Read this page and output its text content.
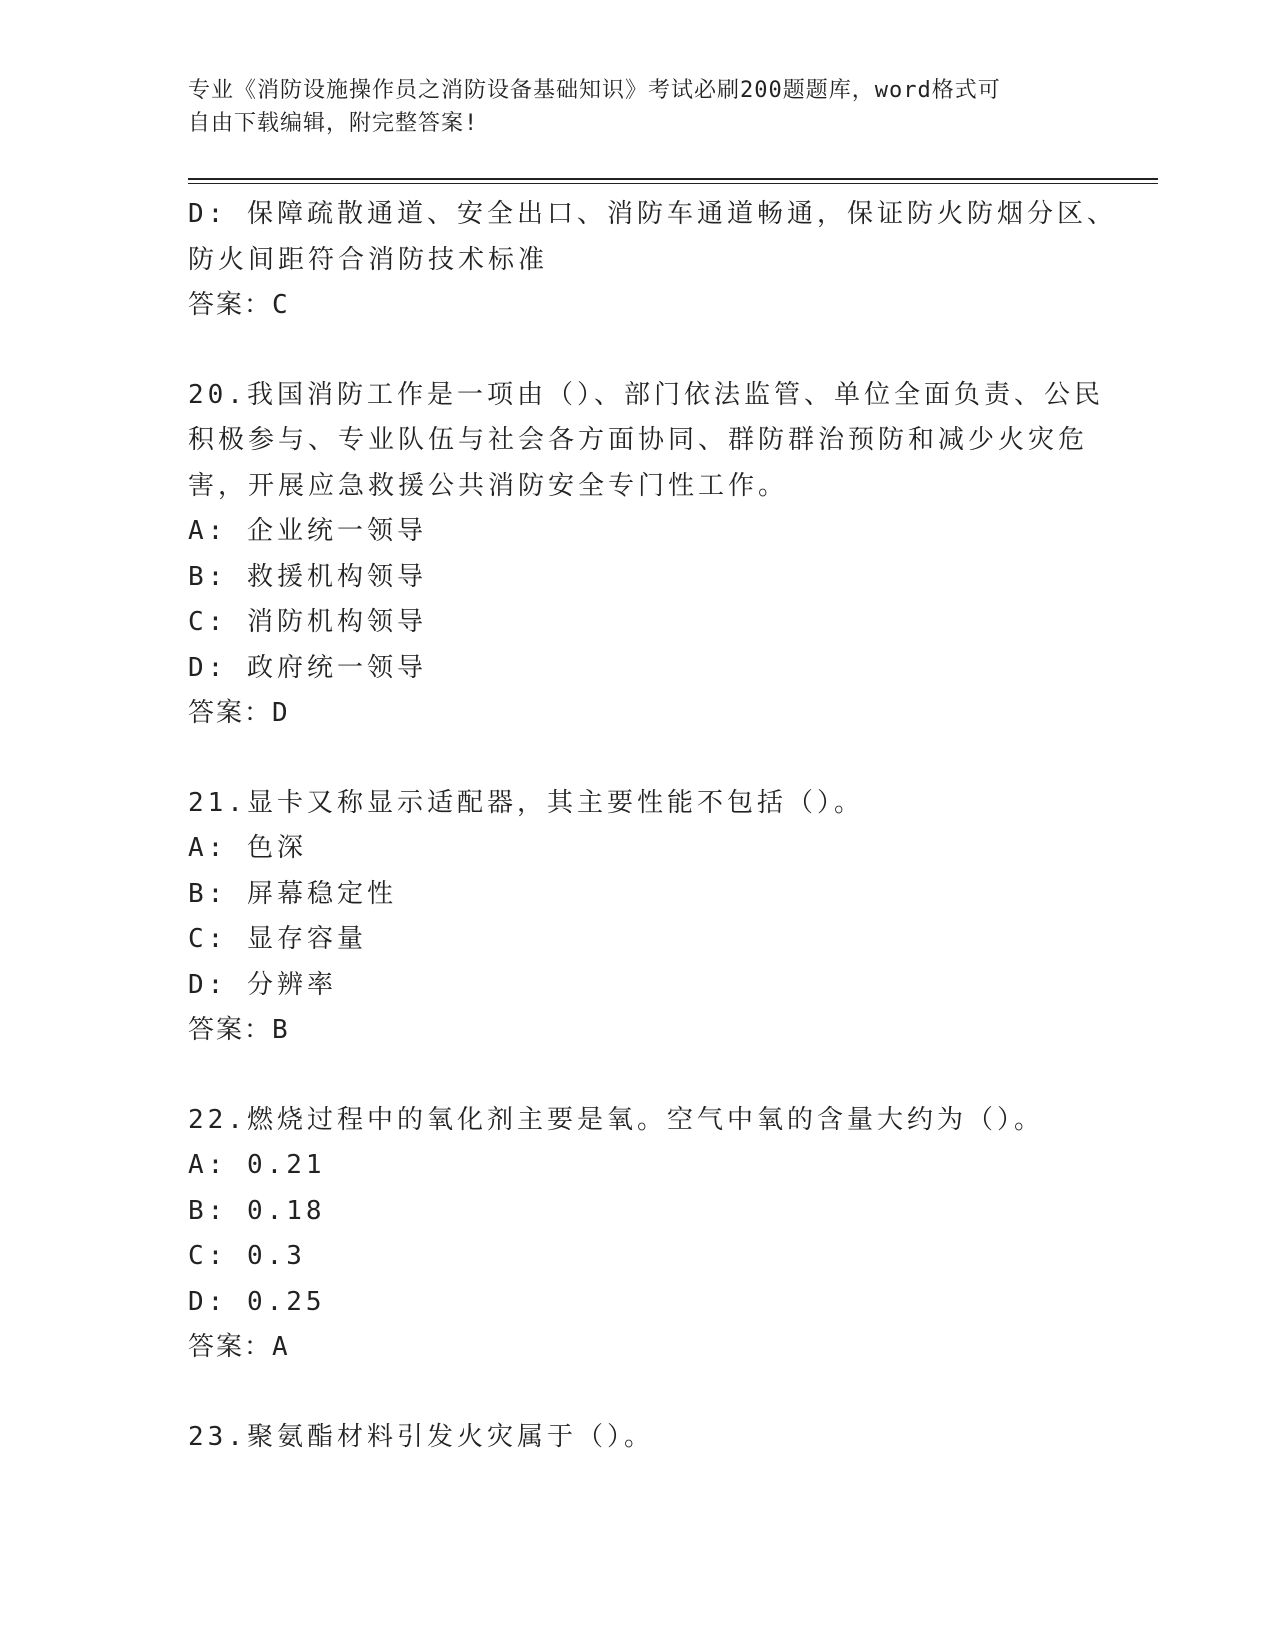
专业《消防设施操作员之消防设备基础知识》考试必刷200题题库，word格式可
自由下载编辑，附完整答案!
D: 保障疏散通道、安全出口、消防车通道畅通，保证防火防烟分区、
防火间距符合消防技术标准
答案：C
20.我国消防工作是一项由（）、部门依法监管、单位全面负责、公民
积极参与、专业队伍与社会各方面协同、群防群治预防和减少火灾危
害，开展应急救援公共消防安全专门性工作。
A: 企业统一领导
B: 救援机构领导
C: 消防机构领导
D: 政府统一领导
答案：D
21.显卡又称显示适配器，其主要性能不包括（）。
A: 色深
B: 屏幕稳定性
C: 显存容量
D: 分辨率
答案：B
22.燃烧过程中的氧化剂主要是氧。空气中氧的含量大约为（）。
A: 0.21
B: 0.18
C: 0.3
D: 0.25
答案：A
23.聚氨酯材料引发火灾属于（）。
